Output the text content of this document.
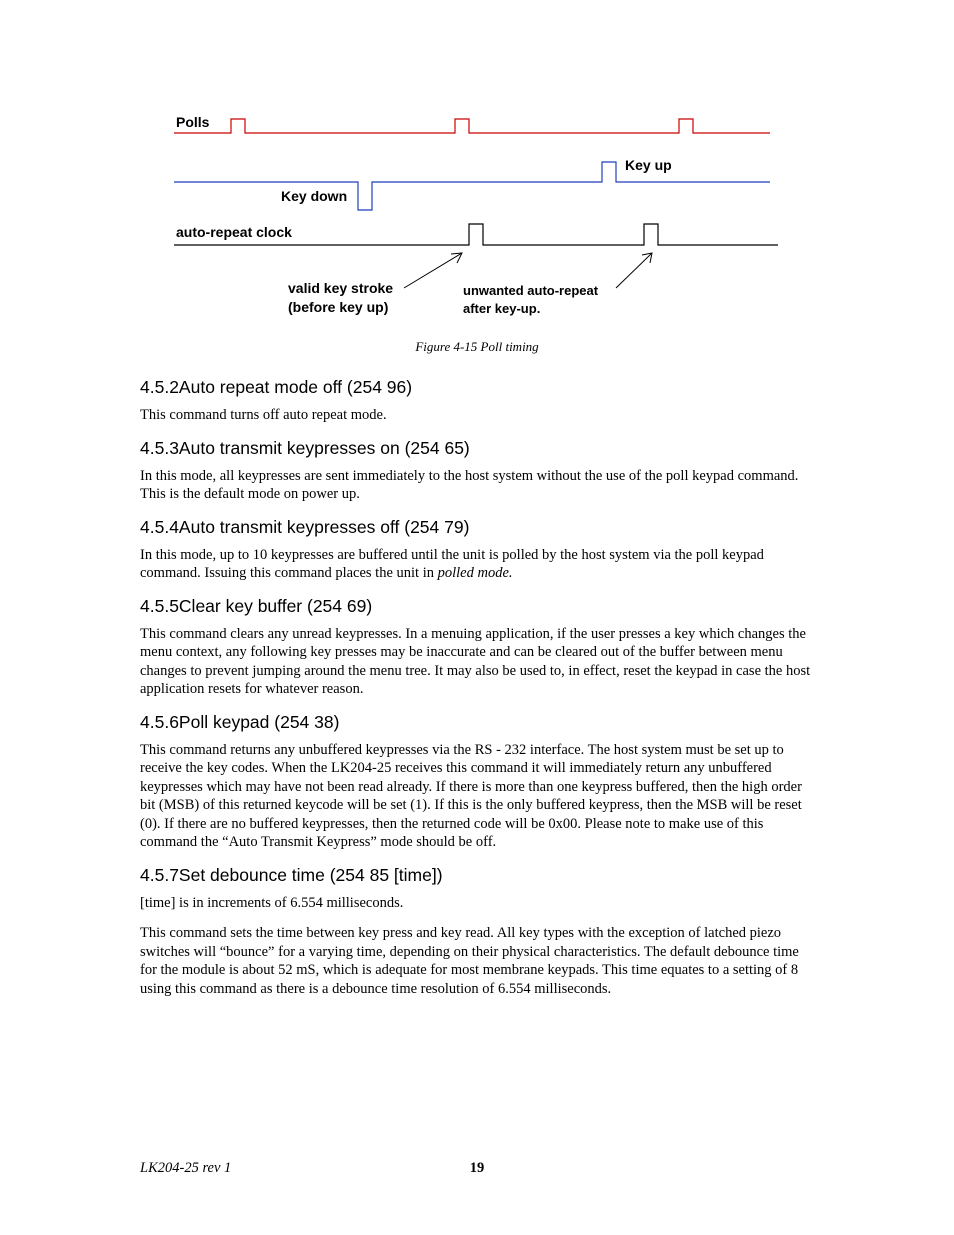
Polls
Key up
Key down
auto-repeat clock
valid key stroke
(before key up)
unwanted auto-repeat
after key-up.
Figure 4-15 Poll timing
4.5.2Auto repeat mode off (254 96)

This command turns off auto repeat mode.

4.5.3Auto transmit keypresses on (254 65)

In this mode, all keypresses are sent immediately to the host system without the use of the poll keypad command. This is the default mode on power up.

4.5.4Auto transmit keypresses off (254 79)

In this mode, up to 10 keypresses are buffered until the unit is polled by the host system via the poll keypad command. Issuing this command places the unit in polled mode.

4.5.5Clear key buffer (254 69)

This command clears any unread keypresses. In a menuing application, if the user presses a key which changes the menu context, any following key presses may be inaccurate and can be cleared out of the buffer between menu changes to prevent jumping around the menu tree. It may also be used to, in effect, reset the keypad in case the host application resets for whatever reason.

4.5.6Poll keypad (254 38)

This command returns any unbuffered keypresses via the RS - 232 interface. The host system must be set up to receive the key codes. When the LK204-25 receives this command it will immediately return any unbuffered keypresses which may have not been read already. If there is more than one keypress buffered, then the high order bit (MSB) of this returned keycode will be set (1). If this is the only buffered keypress, then the MSB will be reset (0). If there are no buffered keypresses, then the returned code will be 0x00. Please note to make use of this command the “Auto Transmit Keypress” mode should be off.

4.5.7Set debounce time (254 85 [time])

[time] is in increments of 6.554 milliseconds.

This command sets the time between key press and key read. All key types with the exception of latched piezo switches will “bounce” for a varying time, depending on their physical characteristics. The default debounce time for the module is about 52 mS, which is adequate for most membrane keypads. This time equates to a setting of 8 using this command as there is a debounce time resolution of 6.554 milliseconds.

LK204-25 rev 1	19
